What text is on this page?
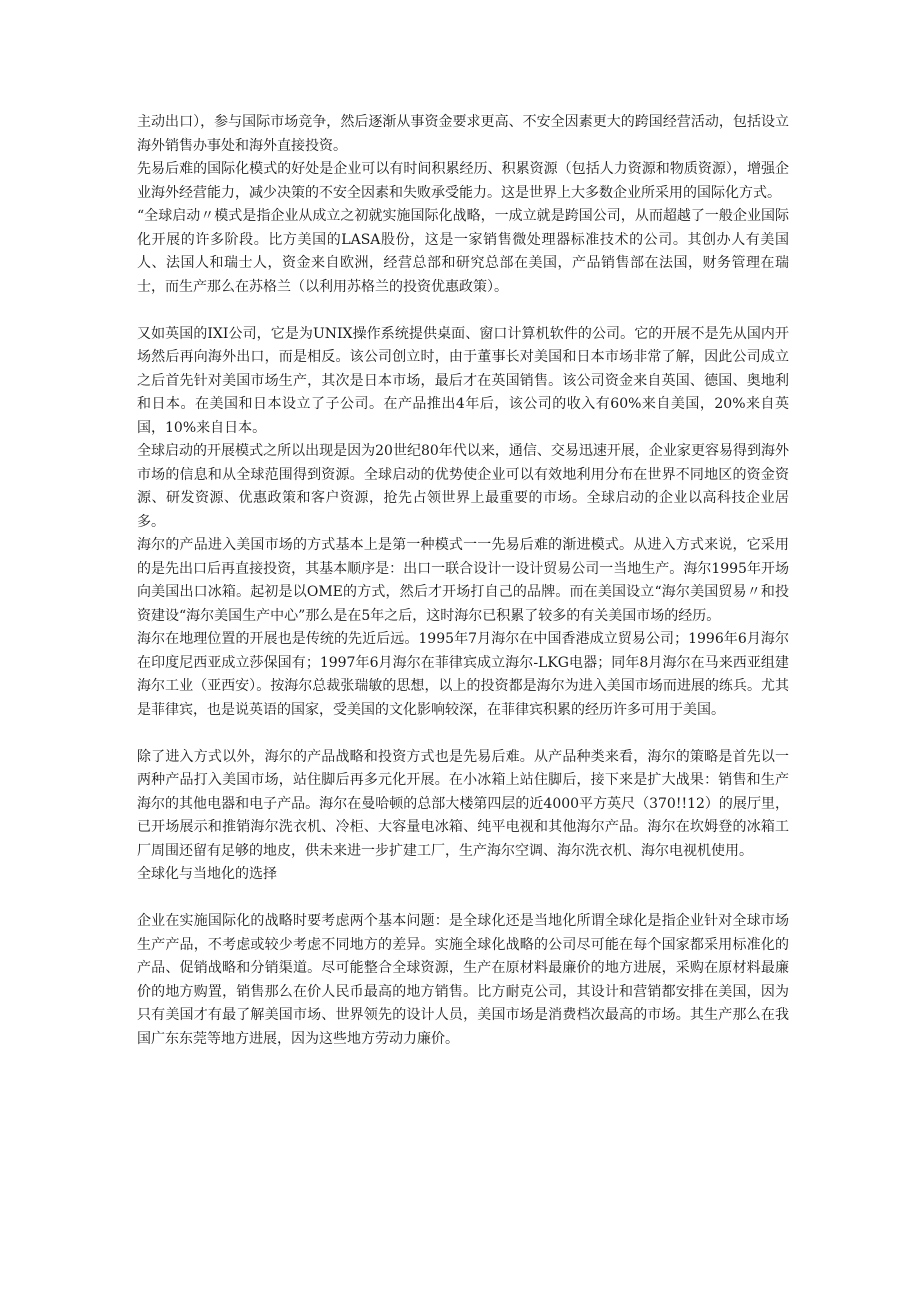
主动出口），参与国际市场竞争，然后逐渐从事资金要求更高、不安全因素更大的跨国经营活动，包括设立海外销售办事处和海外直接投资。

先易后难的国际化模式的好处是企业可以有时间积累经历、积累资源（包括人力资源和物质资源），增强企业海外经营能力，减少决策的不安全因素和失败承受能力。这是世界上大多数企业所采用的国际化方式。

“全球启动〃模式是指企业从成立之初就实施国际化战略，一成立就是跨国公司，从而超越了一般企业国际化开展的许多阶段。比方美国的LASA股份，这是一家销售微处理器标准技术的公司。其创办人有美国人、法国人和瑞士人，资金来自欧洲，经营总部和研究总部在美国，产品销售部在法国，财务管理在瑞士，而生产那么在苏格兰（以利用苏格兰的投资优惠政策）。

又如英国的IXI公司，它是为UNIX操作系统提供桌面、窗口计算机软件的公司。它的开展不是先从国内开场然后再向海外出口，而是相反。该公司创立时，由于董事长对美国和日本市场非常了解，因此公司成立之后首先针对美国市场生产，其次是日本市场，最后才在英国销售。该公司资金来自英国、德国、奥地利和日本。在美国和日本设立了子公司。在产品推出4年后，该公司的收入有60%来自美国，20%来自英国，10%来自日本。

全球启动的开展模式之所以出现是因为20世纪80年代以来，通信、交易迅速开展，企业家更容易得到海外市场的信息和从全球范围得到资源。全球启动的优势使企业可以有效地利用分布在世界不同地区的资金资源、研发资源、优惠政策和客户资源，抢先占领世界上最重要的市场。全球启动的企业以高科技企业居多。

海尔的产品进入美国市场的方式基本上是第一种模式一一先易后难的渐进模式。从进入方式来说，它采用的是先出口后再直接投资，其基本顺序是：出口一联合设计一设计贸易公司一当地生产。海尔1995年开场向美国出口冰箱。起初是以OME的方式，然后才开场打自己的品牌。而在美国设立“海尔美国贸易〃和投资建设“海尔美国生产中心”那么是在5年之后，这时海尔已积累了较多的有关美国市场的经历。

海尔在地理位置的开展也是传统的先近后远。1995年7月海尔在中国香港成立贸易公司；1996年6月海尔在印度尼西亚成立莎保国有；1997年6月海尔在菲律宾成立海尔-LKG电器；同年8月海尔在马来西亚组建海尔工业（亚西安）。按海尔总裁张瑞敏的思想，以上的投资都是海尔为进入美国市场而进展的练兵。尤其是菲律宾，也是说英语的国家，受美国的文化影响较深，在菲律宾积累的经历许多可用于美国。

除了进入方式以外，海尔的产品战略和投资方式也是先易后难。从产品种类来看，海尔的策略是首先以一两种产品打入美国市场，站住脚后再多元化开展。在小冰箱上站住脚后，接下来是扩大战果：销售和生产海尔的其他电器和电子产品。海尔在曼哈顿的总部大楼第四层的近4000平方英尺（370!!12）的展厅里，已开场展示和推销海尔洗衣机、冷柜、大容量电冰箱、纯平电视和其他海尔产品。海尔在坎姆登的冰箱工厂周围还留有足够的地皮，供未来进一步扩建工厂，生产海尔空调、海尔洗衣机、海尔电视机使用。

全球化与当地化的选择

企业在实施国际化的战略时要考虑两个基本问题：是全球化还是当地化所谓全球化是指企业针对全球市场生产产品，不考虑或较少考虑不同地方的差异。实施全球化战略的公司尽可能在每个国家都采用标准化的产品、促销战略和分销渠道。尽可能整合全球资源，生产在原材料最廉价的地方进展，采购在原材料最廉价的地方购置，销售那么在价人民币最高的地方销售。比方耐克公司，其设计和营销都安排在美国，因为只有美国才有最了解美国市场、世界领先的设计人员，美国市场是消费档次最高的市场。其生产那么在我国广东东莞等地方进展，因为这些地方劳动力廉价。
